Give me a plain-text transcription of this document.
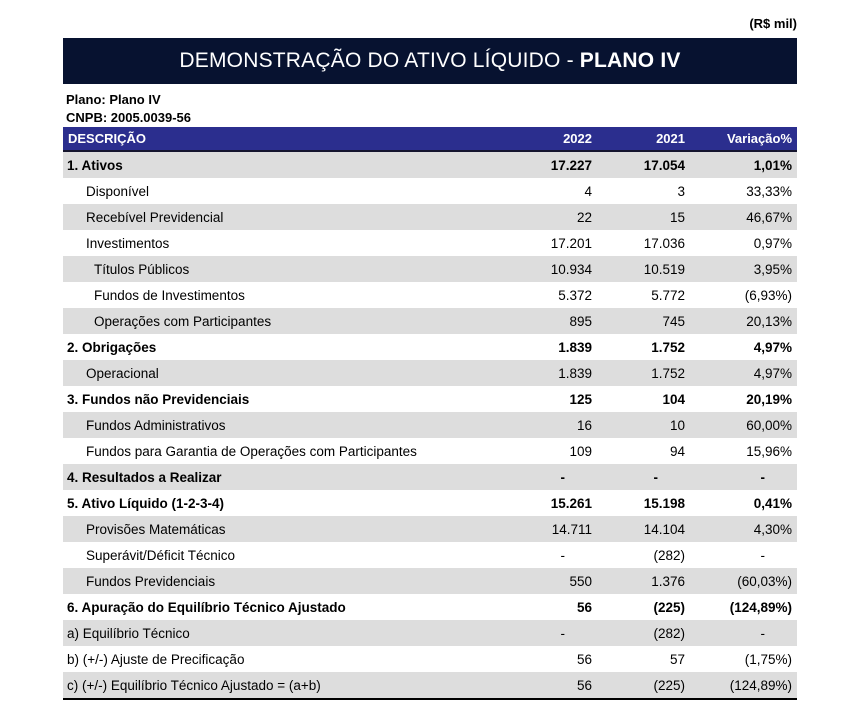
(R$ mil)
DEMONSTRAÇÃO DO ATIVO LÍQUIDO - PLANO IV
Plano: Plano IV
CNPB: 2005.0039-56
DESCRIÇÃO	2022	2021	Variação%
1. Ativos	17.227	17.054	1,01%
Disponível	4	3	33,33%
Recebível Previdencial	22	15	46,67%
Investimentos	17.201	17.036	0,97%
Títulos Públicos	10.934	10.519	3,95%
Fundos de Investimentos	5.372	5.772	(6,93%)
Operações com Participantes	895	745	20,13%
2. Obrigações	1.839	1.752	4,97%
Operacional	1.839	1.752	4,97%
3. Fundos não Previdenciais	125	104	20,19%
Fundos Administrativos	16	10	60,00%
Fundos para Garantia de Operações com Participantes	109	94	15,96%
4. Resultados a Realizar	-	-	-
5. Ativo Líquido (1-2-3-4)	15.261	15.198	0,41%
Provisões Matemáticas	14.711	14.104	4,30%
Superávit/Déficit Técnico	-	(282)	-
Fundos Previdenciais	550	1.376	(60,03%)
6. Apuração do Equilíbrio Técnico Ajustado	56	(225)	(124,89%)
a) Equilíbrio Técnico	-	(282)	-
b) (+/-) Ajuste de Precificação	56	57	(1,75%)
c) (+/-) Equilíbrio Técnico Ajustado = (a+b)	56	(225)	(124,89%)
